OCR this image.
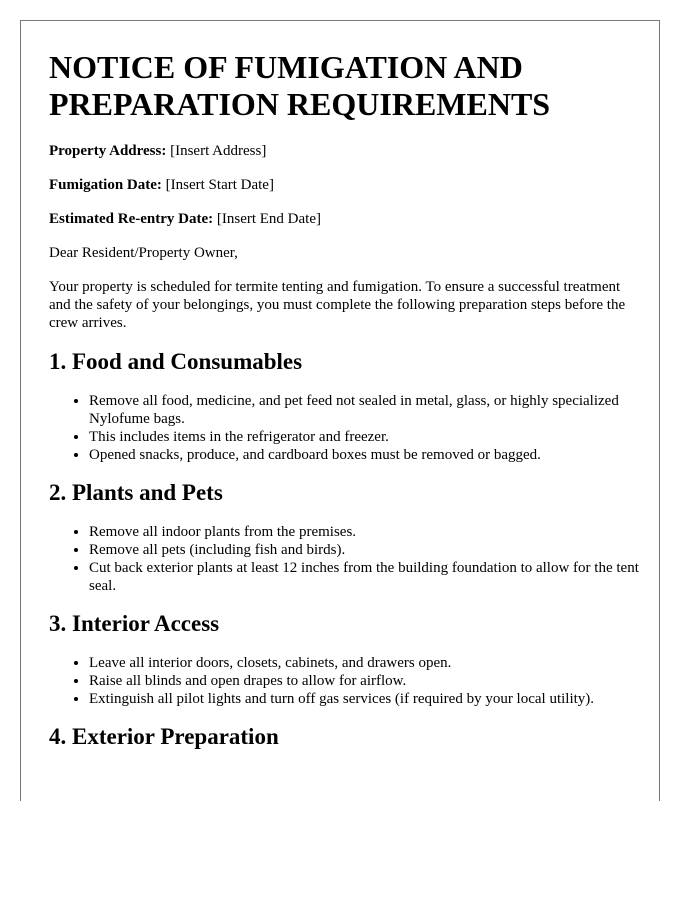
NOTICE OF FUMIGATION AND PREPARATION REQUIREMENTS

Property Address: [Insert Address]

Fumigation Date: [Insert Start Date]

Estimated Re-entry Date: [Insert End Date]

Dear Resident/Property Owner,

Your property is scheduled for termite tenting and fumigation. To ensure a successful treatment and the safety of your belongings, you must complete the following preparation steps before the crew arrives.

1. Food and Consumables
• Remove all food, medicine, and pet feed not sealed in metal, glass, or highly specialized Nylofume bags.
• This includes items in the refrigerator and freezer.
• Opened snacks, produce, and cardboard boxes must be removed or bagged.
2. Plants and Pets
• Remove all indoor plants from the premises.
• Remove all pets (including fish and birds).
• Cut back exterior plants at least 12 inches from the building foundation to allow for the tent seal.
3. Interior Access
• Leave all interior doors, closets, cabinets, and drawers open.
• Raise all blinds and open drapes to allow for airflow.
• Extinguish all pilot lights and turn off gas services (if required by your local utility).
4. Exterior Preparation
